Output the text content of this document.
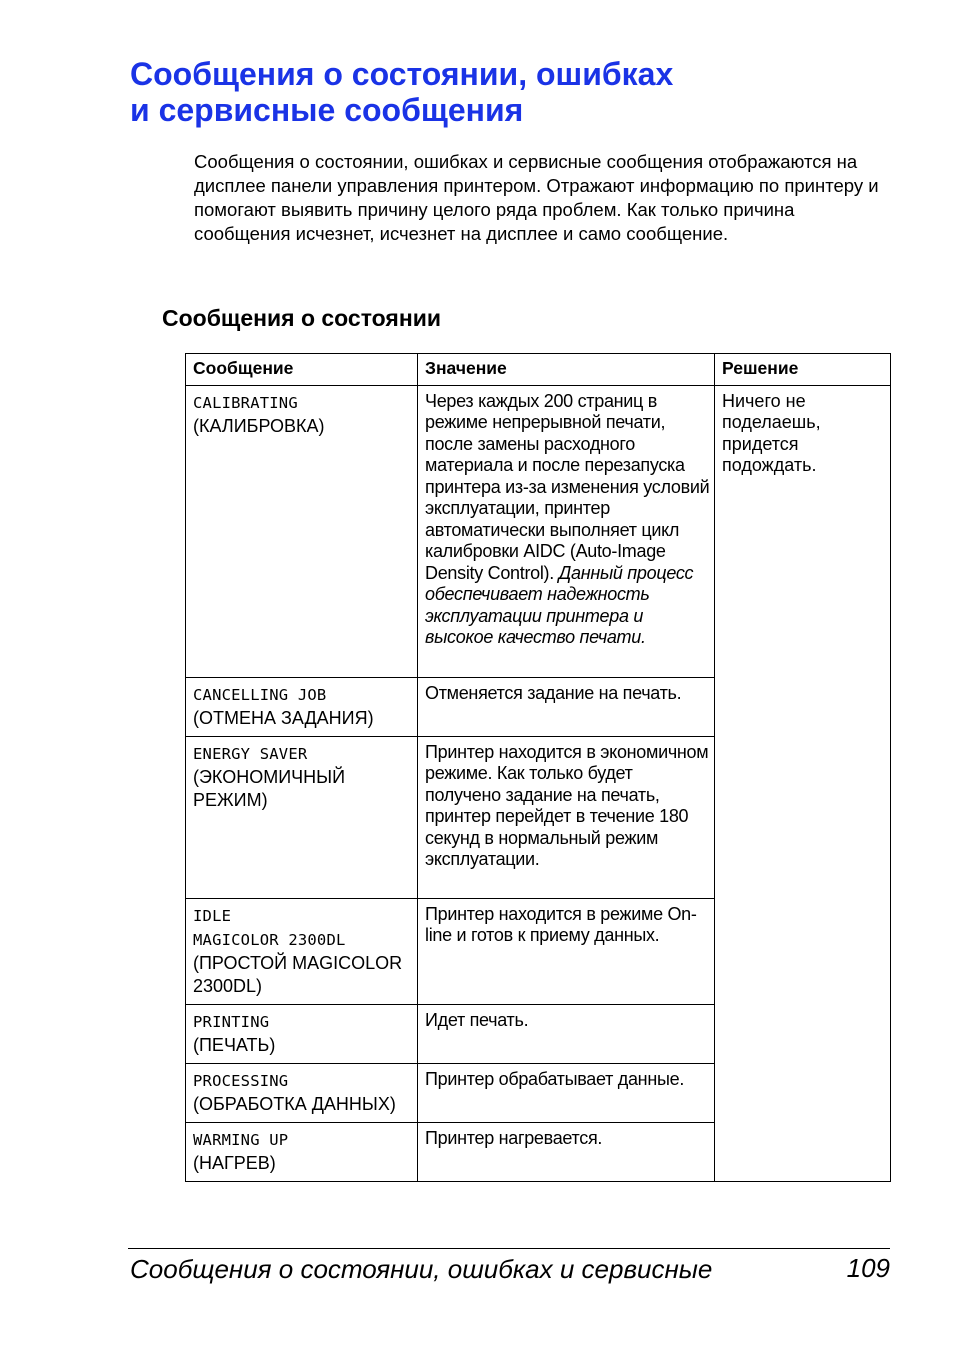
Сообщения о состоянии, ошибках
и сервисные сообщения

Сообщения о состоянии, ошибках и сервисные сообщения отображаются на дисплее панели управления принтером. Отражают информацию по принтеру и помогают выявить причину целого ряда проблем. Как только причина сообщения исчезнет, исчезнет на дисплее и само сообщение.

Сообщения о состоянии
Сообщение	Значение	Решение

CALIBRATING
(КАЛИБРОВКА)	Через каждых 200 страниц в режиме непрерывной печати, после замены расходного материала и после перезапуска принтера из-за изменения условий эксплуатации, принтер автоматически выполняет цикл калибровки AIDC (Auto-Image Density Control). Данный процесс обеспечивает надежность эксплуатации принтера и высокое качество печати.	Ничего не поделаешь, придется подождать.

CANCELLING JOB
(ОТМЕНА ЗАДАНИЯ)	Отменяется задание на печать.	

ENERGY SAVER
(ЭКОНОМИЧНЫЙ РЕЖИМ)	Принтер находится в экономичном режиме. Как только будет получено задание на печать, принтер перейдет в течение 180 секунд в нормальный режим эксплуатации.	

IDLE
MAGICOLOR 2300DL
(ПРОСТОЙ MAGICOLOR 2300DL)	Принтер находится в режиме On-line и готов к приему данных.	

PRINTING
(ПЕЧАТЬ)	Идет печать.	

PROCESSING
(ОБРАБОТКА ДАННЫХ)	Принтер обрабатывает данные.	

WARMING UP
(НАГРЕВ)	Принтер нагревается.	
Сообщения о состоянии, ошибках и сервисные	109
